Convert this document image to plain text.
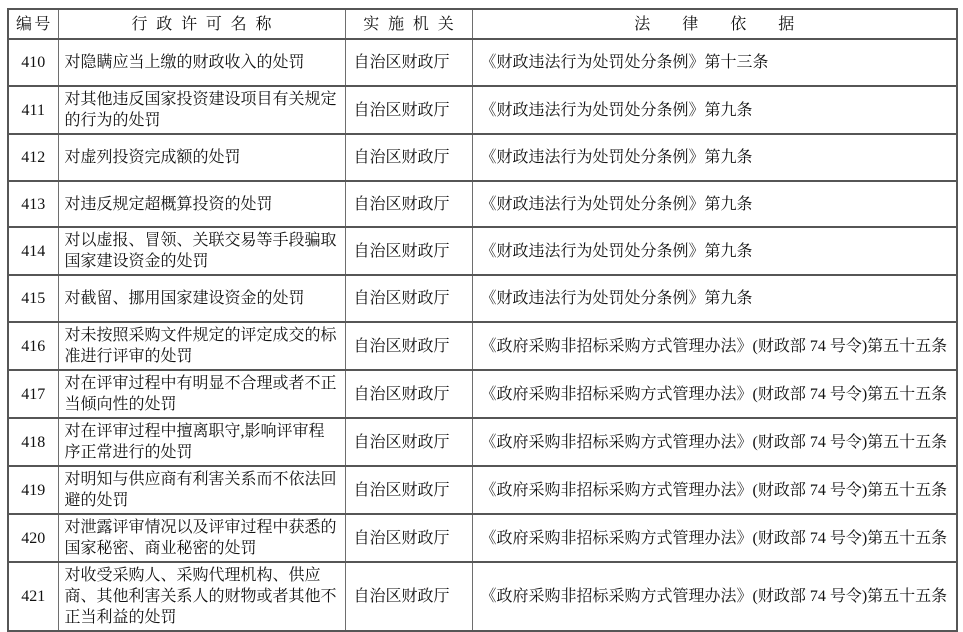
编号	行政许可名称	实施机关	法律依据
410	对隐瞒应当上缴的财政收入的处罚	自治区财政厅	《财政违法行为处罚处分条例》第十三条
411	对其他违反国家投资建设项目有关规定的行为的处罚	自治区财政厅	《财政违法行为处罚处分条例》第九条
412	对虚列投资完成额的处罚	自治区财政厅	《财政违法行为处罚处分条例》第九条
413	对违反规定超概算投资的处罚	自治区财政厅	《财政违法行为处罚处分条例》第九条
414	对以虚报、冒领、关联交易等手段骗取国家建设资金的处罚	自治区财政厅	《财政违法行为处罚处分条例》第九条
415	对截留、挪用国家建设资金的处罚	自治区财政厅	《财政违法行为处罚处分条例》第九条
416	对未按照采购文件规定的评定成交的标准进行评审的处罚	自治区财政厅	《政府采购非招标采购方式管理办法》(财政部 74 号令)第五十五条
417	对在评审过程中有明显不合理或者不正当倾向性的处罚	自治区财政厅	《政府采购非招标采购方式管理办法》(财政部 74 号令)第五十五条
418	对在评审过程中擅离职守,影响评审程序正常进行的处罚	自治区财政厅	《政府采购非招标采购方式管理办法》(财政部 74 号令)第五十五条
419	对明知与供应商有利害关系而不依法回避的处罚	自治区财政厅	《政府采购非招标采购方式管理办法》(财政部 74 号令)第五十五条
420	对泄露评审情况以及评审过程中获悉的国家秘密、商业秘密的处罚	自治区财政厅	《政府采购非招标采购方式管理办法》(财政部 74 号令)第五十五条
421	对收受采购人、采购代理机构、供应商、其他利害关系人的财物或者其他不正当利益的处罚	自治区财政厅	《政府采购非招标采购方式管理办法》(财政部 74 号令)第五十五条
